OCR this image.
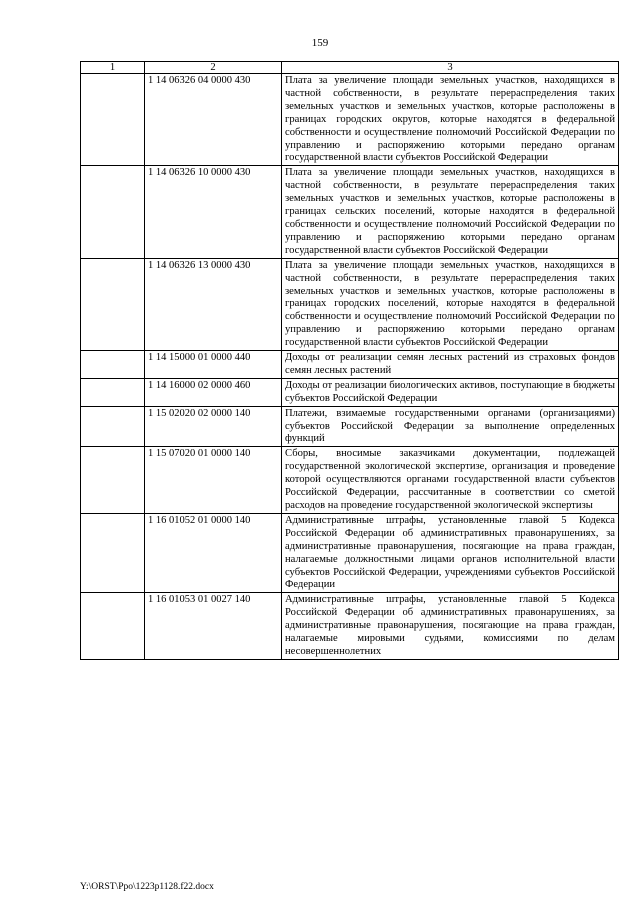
159
1	2	3
	1 14 06326 04 0000 430	Плата за увеличение площади земельных участков, находящихся в частной собственности, в результате перераспределения таких земельных участков и земельных участков, которые расположены в границах городских округов, которые находятся в федеральной собственности и осуществление полномочий Российской Федерации по управлению и распоряжению которыми передано органам государственной власти субъектов Российской Федерации
	1 14 06326 10 0000 430	Плата за увеличение площади земельных участков, находящихся в частной собственности, в результате перераспределения таких земельных участков и земельных участков, которые расположены в границах сельских поселений, которые находятся в федеральной собственности и осуществление полномочий Российской Федерации по управлению и распоряжению которыми передано органам государственной власти субъектов Российской Федерации
	1 14 06326 13 0000 430	Плата за увеличение площади земельных участков, находящихся в частной собственности, в результате перераспределения таких земельных участков и земельных участков, которые расположены в границах городских поселений, которые находятся в федеральной собственности и осуществление полномочий Российской Федерации по управлению и распоряжению которыми передано органам государственной власти субъектов Российской Федерации
	1 14 15000 01 0000 440	Доходы от реализации семян лесных растений из страховых фондов семян лесных растений
	1 14 16000 02 0000 460	Доходы от реализации биологических активов, поступающие в бюджеты субъектов Российской Федерации
	1 15 02020 02 0000 140	Платежи, взимаемые государственными органами (организациями) субъектов Российской Федерации за выполнение определенных функций
	1 15 07020 01 0000 140	Сборы, вносимые заказчиками документации, подлежащей государственной экологической экспертизе, организация и проведение которой осуществляются органами государственной власти субъектов Российской Федерации, рассчитанные в соответствии со сметой расходов на проведение государственной экологической экспертизы
	1 16 01052 01 0000 140	Административные штрафы, установленные главой 5 Кодекса Российской Федерации об административных правонарушениях, за административные правонарушения, посягающие на права граждан, налагаемые должностными лицами органов исполнительной власти субъектов Российской Федерации, учреждениями субъектов Российской Федерации
	1 16 01053 01 0027 140	Административные штрафы, установленные главой 5 Кодекса Российской Федерации об административных правонарушениях, за административные правонарушения, посягающие на права граждан, налагаемые мировыми судьями, комиссиями по делам несовершеннолетних
Y:\ORST\Ppo\1223p1128.f22.docx
